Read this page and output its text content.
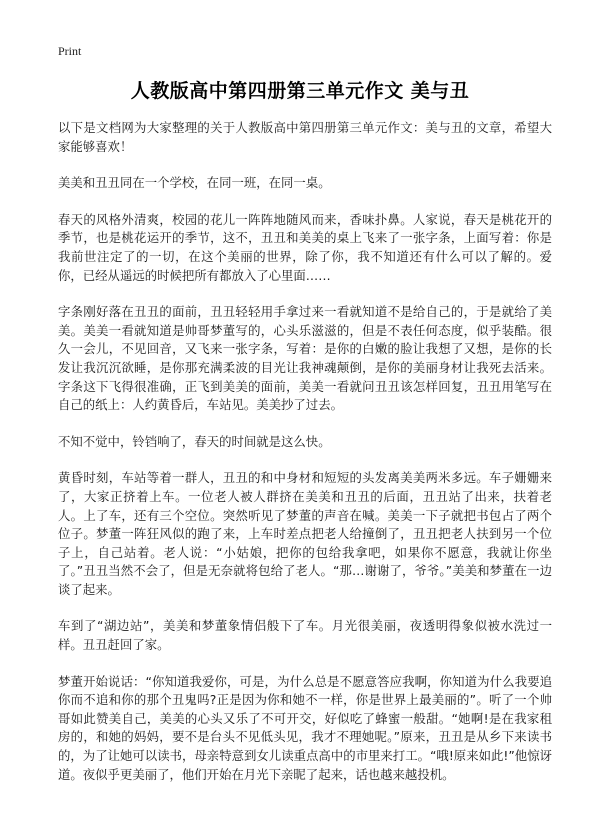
Print
人教版高中第四册第三单元作文 美与丑

以下是文档网为大家整理的关于人教版高中第四册第三单元作文：美与丑的文章，希望大家能够喜欢！

美美和丑丑同在一个学校，在同一班，在同一桌。

春天的风格外清爽，校园的花儿一阵阵地随风而来，香味扑鼻。人家说，春天是桃花开的季节，也是桃花运开的季节，这不，丑丑和美美的桌上飞来了一张字条，上面写着：你是我前世注定了的一切，在这个美丽的世界，除了你，我不知道还有什么可以了解的。爱你，已经从遥远的时候把所有都放入了心里面……

字条刚好落在丑丑的面前，丑丑轻轻用手拿过来一看就知道不是给自己的，于是就给了美美。美美一看就知道是帅哥梦董写的，心头乐滋滋的，但是不表任何态度，似乎装酷。很久一会儿，不见回音，又飞来一张字条，写着：是你的白嫩的脸让我想了又想，是你的长发让我沉沉欲睡，是你那充满柔波的目光让我神魂颠倒，是你的美丽身材让我死去活来。字条这下飞得很准确，正飞到美美的面前，美美一看就问丑丑该怎样回复，丑丑用笔写在自己的纸上：人约黄昏后，车站见。美美抄了过去。

不知不觉中，铃铛响了，春天的时间就是这么快。

黄昏时刻，车站等着一群人，丑丑的和中身材和短短的头发离美美两米多远。车子姗姗来了，大家正挤着上车。一位老人被人群挤在美美和丑丑的后面，丑丑站了出来，扶着老人。上了车，还有三个空位。突然听见了梦董的声音在喊。美美一下子就把书包占了两个位子。梦董一阵狂风似的跑了来，上车时差点把老人给撞倒了，丑丑把老人扶到另一个位子上，自己站着。老人说：“小姑娘，把你的包给我拿吧，如果你不愿意，我就让你坐了。”丑丑当然不会了，但是无奈就将包给了老人。“那…谢谢了，爷爷。”美美和梦董在一边谈了起来。

车到了“湖边站”，美美和梦董象情侣般下了车。月光很美丽，夜透明得象似被水洗过一样。丑丑赶回了家。

梦董开始说话：“你知道我爱你，可是，为什么总是不愿意答应我啊，你知道为什么我要追你而不追和你的那个丑鬼吗?正是因为你和她不一样，你是世界上最美丽的”。听了一个帅哥如此赞美自己，美美的心头又乐了不可开交，好似吃了蜂蜜一般甜。“她啊!是在我家租房的，和她的妈妈，要不是台头不见低头见，我才不理她呢。”原来，丑丑是从乡下来读书的，为了让她可以读书，母亲特意到女儿读重点高中的市里来打工。“哦!原来如此!”他惊讶道。夜似乎更美丽了，他们开始在月光下亲昵了起来，话也越来越投机。
